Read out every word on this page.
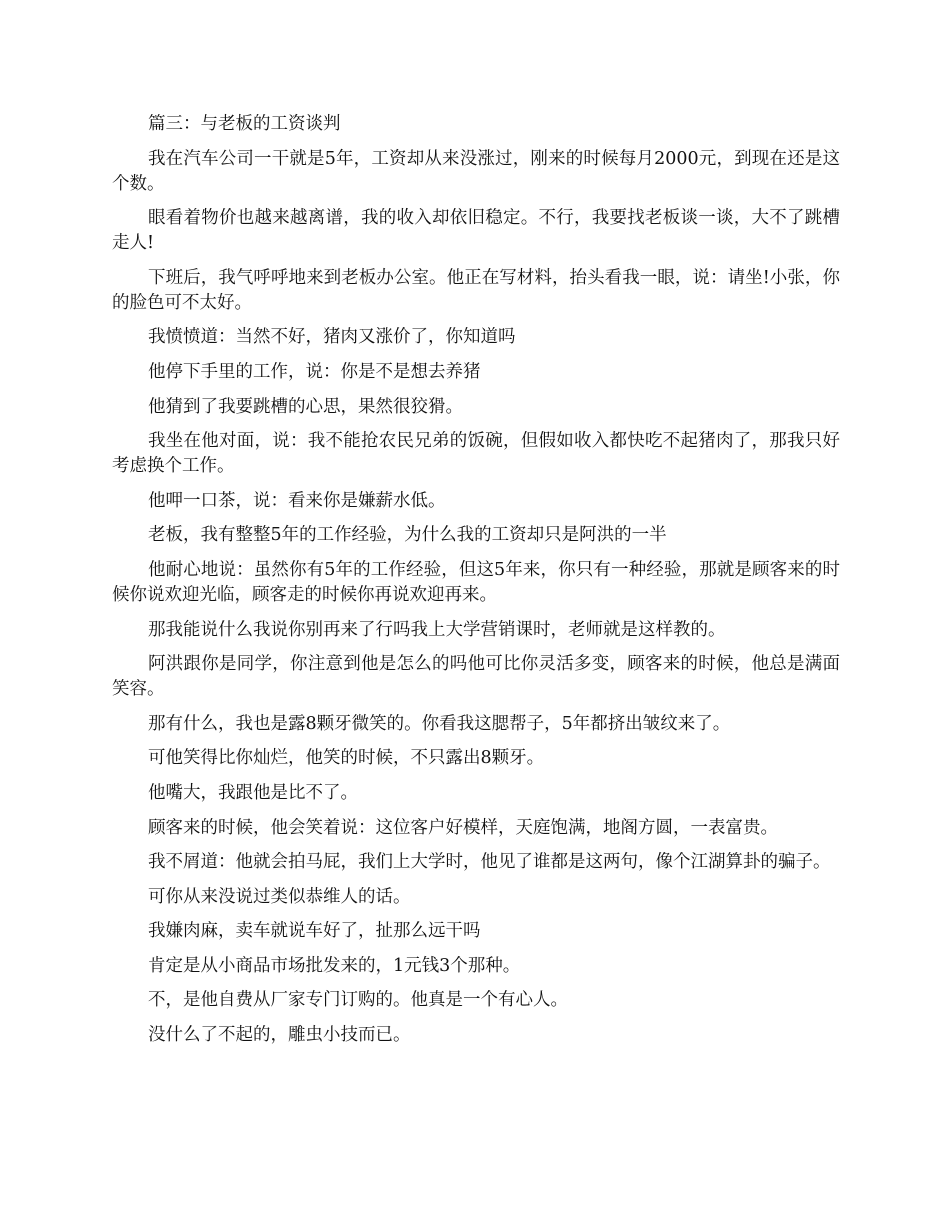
篇三：与老板的工资谈判

我在汽车公司一干就是5年，工资却从来没涨过，刚来的时候每月2000元，到现在还是这个数。

眼看着物价也越来越离谱，我的收入却依旧稳定。不行，我要找老板谈一谈，大不了跳槽走人!

下班后，我气呼呼地来到老板办公室。他正在写材料，抬头看我一眼，说：请坐!小张，你的脸色可不太好。

我愤愤道：当然不好，猪肉又涨价了，你知道吗

他停下手里的工作，说：你是不是想去养猪

他猜到了我要跳槽的心思，果然很狡猾。

我坐在他对面，说：我不能抢农民兄弟的饭碗，但假如收入都快吃不起猪肉了，那我只好考虑换个工作。

他呷一口茶，说：看来你是嫌薪水低。

老板，我有整整5年的工作经验，为什么我的工资却只是阿洪的一半

他耐心地说：虽然你有5年的工作经验，但这5年来，你只有一种经验，那就是顾客来的时候你说欢迎光临，顾客走的时候你再说欢迎再来。

那我能说什么我说你别再来了行吗我上大学营销课时，老师就是这样教的。

阿洪跟你是同学，你注意到他是怎么的吗他可比你灵活多变，顾客来的时候，他总是满面笑容。

那有什么，我也是露8颗牙微笑的。你看我这腮帮子，5年都挤出皱纹来了。

可他笑得比你灿烂，他笑的时候，不只露出8颗牙。

他嘴大，我跟他是比不了。

顾客来的时候，他会笑着说：这位客户好模样，天庭饱满，地阁方圆，一表富贵。

我不屑道：他就会拍马屁，我们上大学时，他见了谁都是这两句，像个江湖算卦的骗子。

可你从来没说过类似恭维人的话。

我嫌肉麻，卖车就说车好了，扯那么远干吗

肯定是从小商品市场批发来的，1元钱3个那种。

不，是他自费从厂家专门订购的。他真是一个有心人。

没什么了不起的，雕虫小技而已。
